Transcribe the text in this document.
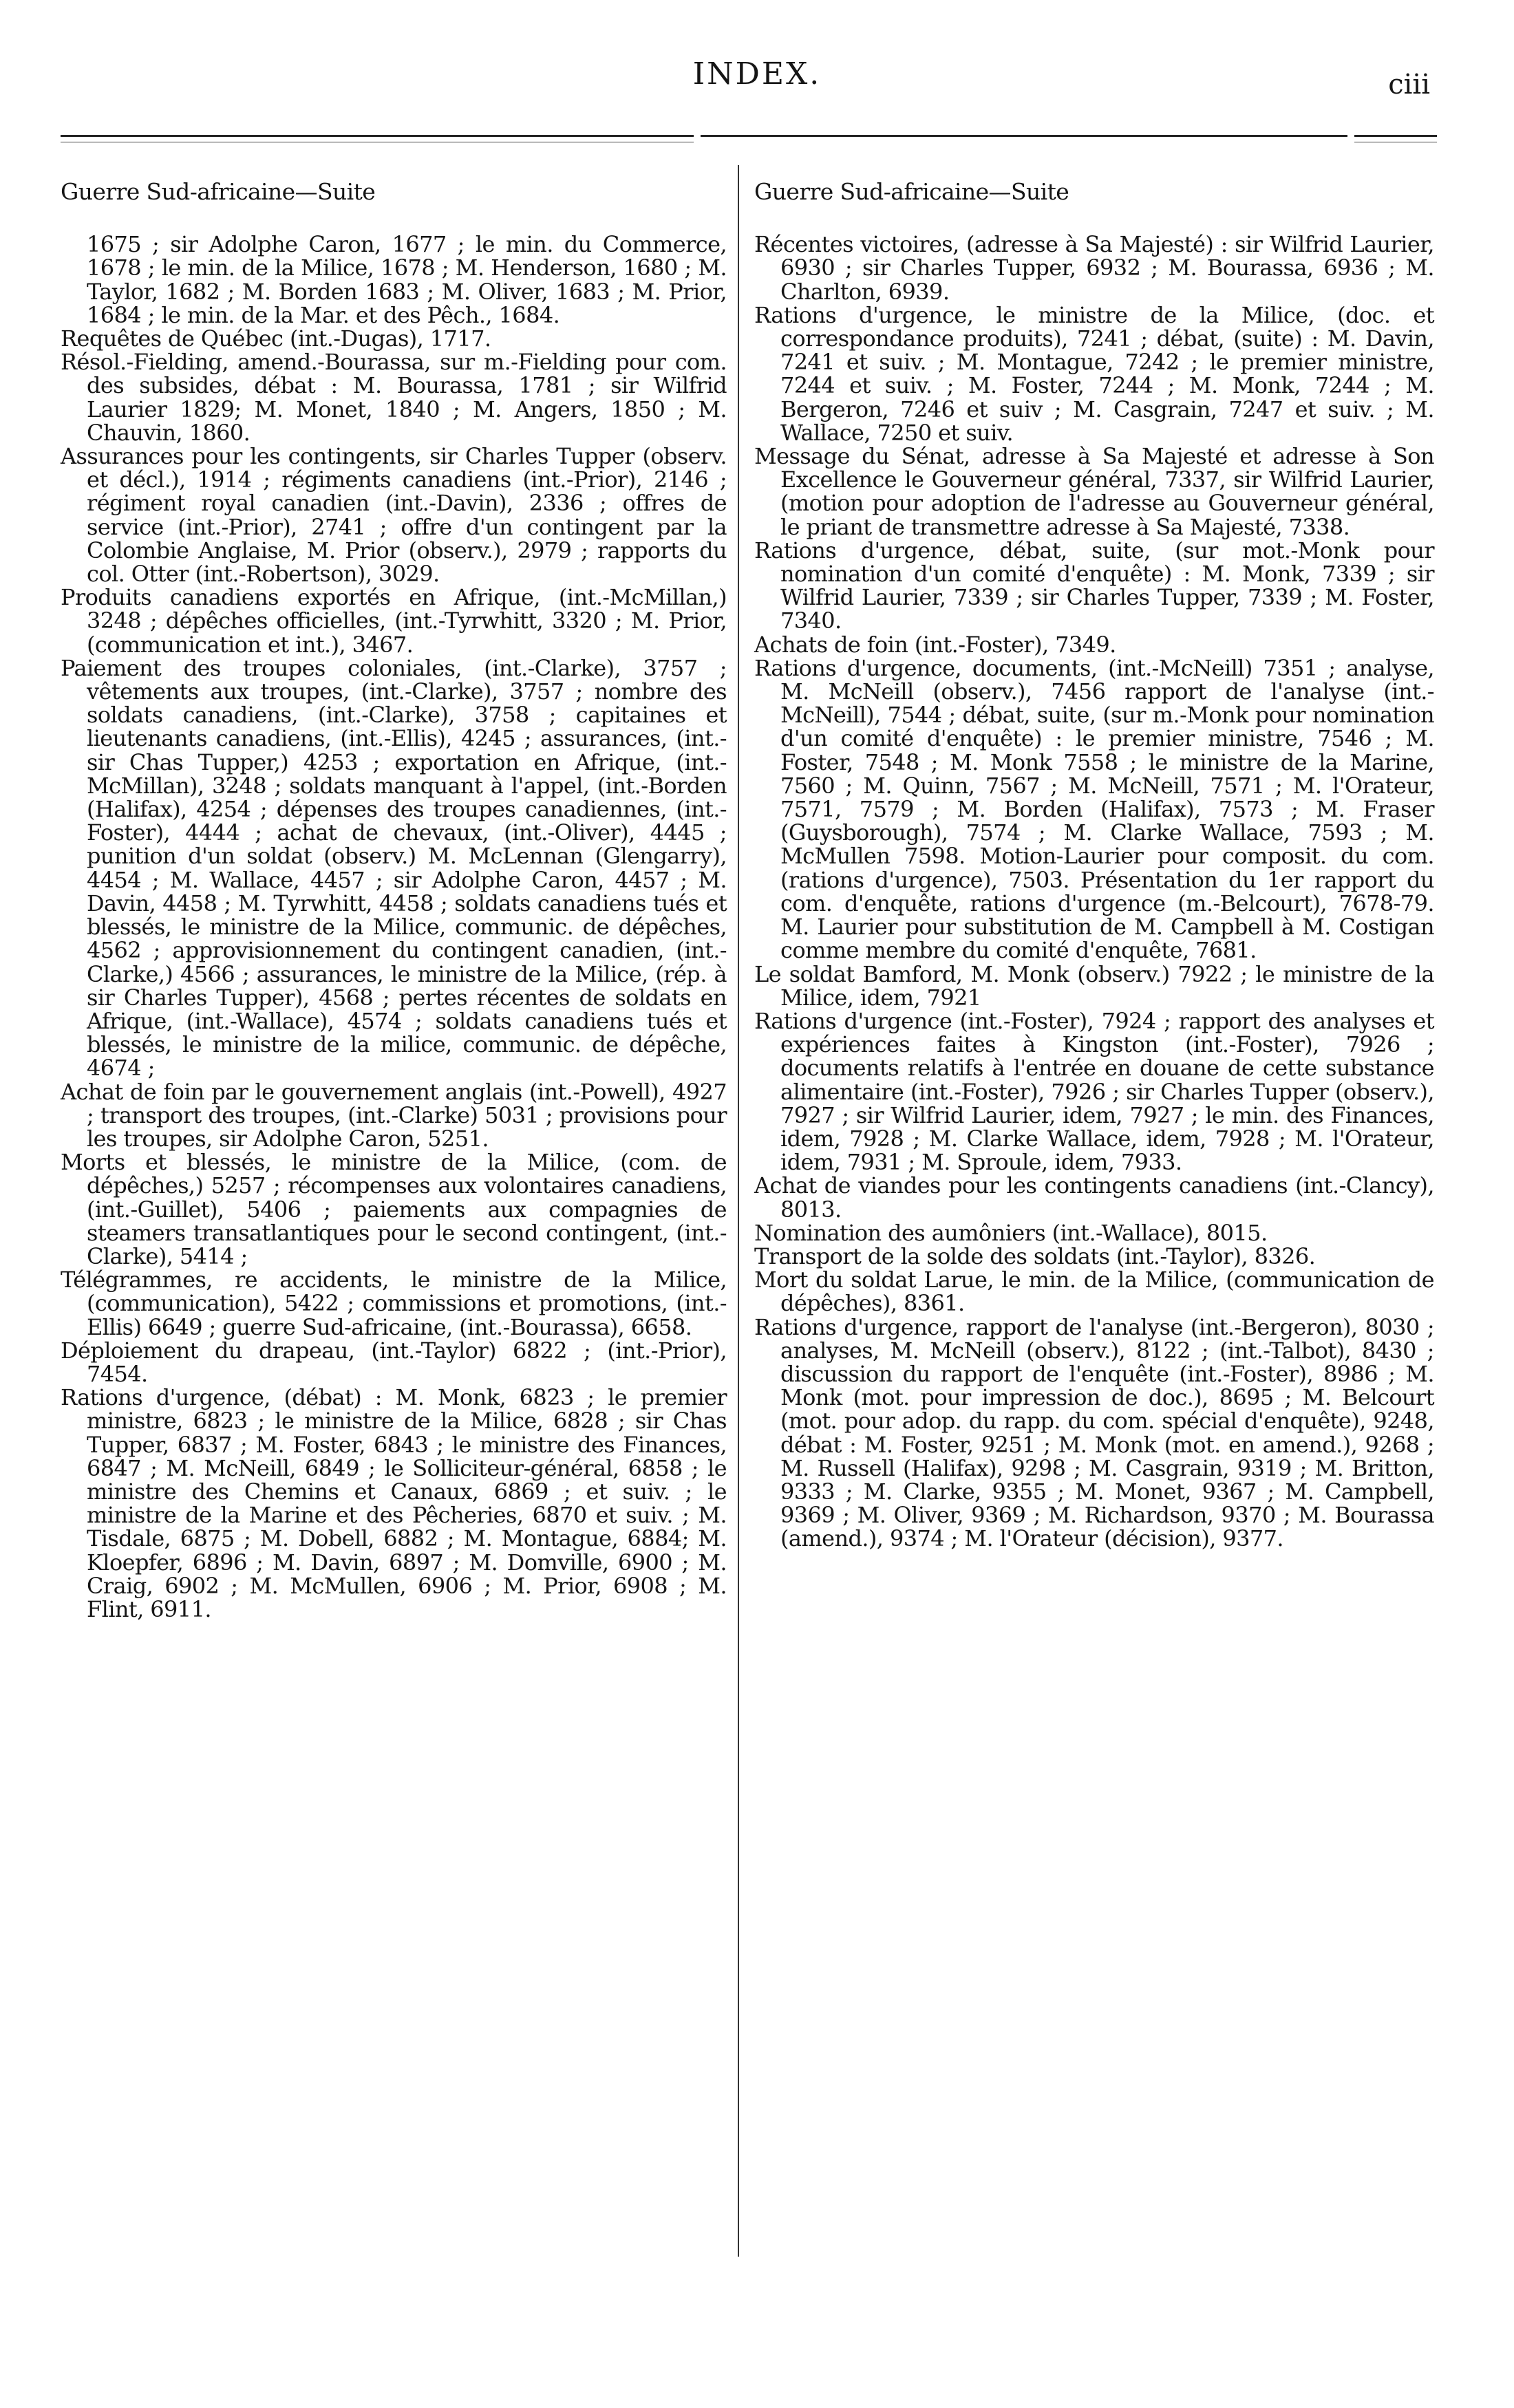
INDEX.	ciii
Guerre Sud-africaine—Suite
1675 ; sir Adolphe Caron, 1677 ; le min. du Commerce, 1678 ; le min. de la Milice, 1678 ; M. Henderson, 1680 ; M. Taylor, 1682 ; M. Borden 1683 ; M. Oliver, 1683 ; M. Prior, 1684 ; le min. de la Mar. et des Pêch., 1684.
Requêtes de Québec (int.-Dugas), 1717.
Résol.-Fielding, amend.-Bourassa, sur m.-Fielding pour com. des subsides, débat : M. Bourassa, 1781 ; sir Wilfrid Laurier 1829; M. Monet, 1840 ; M. Angers, 1850 ; M. Chauvin, 1860.
Assurances pour les contingents, sir Charles Tupper (observ. et décl.), 1914 ; régiments canadiens (int.-Prior), 2146 ; régiment royal canadien (int.-Davin), 2336 ; offres de service (int.-Prior), 2741 ; offre d'un contingent par la Colombie Anglaise, M. Prior (observ.), 2979 ; rapports du col. Otter (int.-Robertson), 3029.
Produits canadiens exportés en Afrique, (int.-McMillan,) 3248 ; dépêches officielles, (int.-Tyrwhitt, 3320 ; M. Prior, (communication et int.), 3467.
Paiement des troupes coloniales, (int.-Clarke), 3757 ; vêtements aux troupes, (int.-Clarke), 3757 ; nombre des soldats canadiens, (int.-Clarke), 3758 ; capitaines et lieutenants canadiens, (int.-Ellis), 4245 ; assurances, (int.-sir Chas Tupper,) 4253 ; exportation en Afrique, (int.-McMillan), 3248 ; soldats manquant à l'appel, (int.-Borden (Halifax), 4254 ; dépenses des troupes canadiennes, (int.-Foster), 4444 ; achat de chevaux, (int.-Oliver), 4445 ; punition d'un soldat (observ.) M. McLennan (Glengarry), 4454 ; M. Wallace, 4457 ; sir Adolphe Caron, 4457 ; M. Davin, 4458 ; M. Tyrwhitt, 4458 ; soldats canadiens tués et blessés, le ministre de la Milice, communic. de dépêches, 4562 ; approvisionnement du contingent canadien, (int.-Clarke,) 4566 ; assurances, le ministre de la Milice, (rép. à sir Charles Tupper), 4568 ; pertes récentes de soldats en Afrique, (int.-Wallace), 4574 ; soldats canadiens tués et blessés, le ministre de la milice, communic. de dépêche, 4674 ;
Achat de foin par le gouvernement anglais (int.-Powell), 4927 ; transport des troupes, (int.-Clarke) 5031 ; provisions pour les troupes, sir Adolphe Caron, 5251.
Morts et blessés, le ministre de la Milice, (com. de dépêches,) 5257 ; récompenses aux volontaires canadiens, (int.-Guillet), 5406 ; paiements aux compagnies de steamers transatlantiques pour le second contingent, (int.-Clarke), 5414 ;
Télégrammes, re accidents, le ministre de la Milice, (communication), 5422 ; commissions et promotions, (int.-Ellis) 6649 ; guerre Sud-africaine, (int.-Bourassa), 6658.
Déploiement du drapeau, (int.-Taylor) 6822 ; (int.-Prior), 7454.
Rations d'urgence, (débat) : M. Monk, 6823 ; le premier ministre, 6823 ; le ministre de la Milice, 6828 ; sir Chas Tupper, 6837 ; M. Foster, 6843 ; le ministre des Finances, 6847 ; M. McNeill, 6849 ; le Solliciteur-général, 6858 ; le ministre des Chemins et Canaux, 6869 ; et suiv. ; le ministre de la Marine et des Pêcheries, 6870 et suiv. ; M. Tisdale, 6875 ; M. Dobell, 6882 ; M. Montague, 6884; M. Kloepfer, 6896 ; M. Davin, 6897 ; M. Domville, 6900 ; M. Craig, 6902 ; M. McMullen, 6906 ; M. Prior, 6908 ; M. Flint, 6911.
Guerre Sud-africaine—Suite
Récentes victoires, (adresse à Sa Majesté) : sir Wilfrid Laurier, 6930 ; sir Charles Tupper, 6932 ; M. Bourassa, 6936 ; M. Charlton, 6939.
Rations d'urgence, le ministre de la Milice, (doc. et correspondance produits), 7241 ; débat, (suite) : M. Davin, 7241 et suiv. ; M. Montague, 7242 ; le premier ministre, 7244 et suiv. ; M. Foster, 7244 ; M. Monk, 7244 ; M. Bergeron, 7246 et suiv ; M. Casgrain, 7247 et suiv. ; M. Wallace, 7250 et suiv.
Message du Sénat, adresse à Sa Majesté et adresse à Son Excellence le Gouverneur général, 7337, sir Wilfrid Laurier, (motion pour adoption de l'adresse au Gouverneur général, le priant de transmettre adresse à Sa Majesté, 7338.
Rations d'urgence, débat, suite, (sur mot.-Monk pour nomination d'un comité d'enquête) : M. Monk, 7339 ; sir Wilfrid Laurier, 7339 ; sir Charles Tupper, 7339 ; M. Foster, 7340.
Achats de foin (int.-Foster), 7349.
Rations d'urgence, documents, (int.-McNeill) 7351 ; analyse, M. McNeill (observ.), 7456 rapport de l'analyse (int.-McNeill), 7544 ; débat, suite, (sur m.-Monk pour nomination d'un comité d'enquête) : le premier ministre, 7546 ; M. Foster, 7548 ; M. Monk 7558 ; le ministre de la Marine, 7560 ; M. Quinn, 7567 ; M. McNeill, 7571 ; M. l'Orateur, 7571, 7579 ; M. Borden (Halifax), 7573 ; M. Fraser (Guysborough), 7574 ; M. Clarke Wallace, 7593 ; M. McMullen 7598. Motion-Laurier pour composit. du com. (rations d'urgence), 7503. Présentation du 1er rapport du com. d'enquête, rations d'urgence (m.-Belcourt), 7678-79. M. Laurier pour substitution de M. Campbell à M. Costigan comme membre du comité d'enquête, 7681.
Le soldat Bamford, M. Monk (observ.) 7922 ; le ministre de la Milice, idem, 7921
Rations d'urgence (int.-Foster), 7924 ; rapport des analyses et expériences faites à Kingston (int.-Foster), 7926 ; documents relatifs à l'entrée en douane de cette substance alimentaire (int.-Foster), 7926 ; sir Charles Tupper (observ.), 7927 ; sir Wilfrid Laurier, idem, 7927 ; le min. des Finances, idem, 7928 ; M. Clarke Wallace, idem, 7928 ; M. l'Orateur, idem, 7931 ; M. Sproule, idem, 7933.
Achat de viandes pour les contingents canadiens (int.-Clancy), 8013.
Nomination des aumôniers (int.-Wallace), 8015.
Transport de la solde des soldats (int.-Taylor), 8326.
Mort du soldat Larue, le min. de la Milice, (communication de dépêches), 8361.
Rations d'urgence, rapport de l'analyse (int.-Bergeron), 8030 ; analyses, M. McNeill (observ.), 8122 ; (int.-Talbot), 8430 ; discussion du rapport de l'enquête (int.-Foster), 8986 ; M. Monk (mot. pour impression de doc.), 8695 ; M. Belcourt (mot. pour adop. du rapp. du com. spécial d'enquête), 9248, débat : M. Foster, 9251 ; M. Monk (mot. en amend.), 9268 ; M. Russell (Halifax), 9298 ; M. Casgrain, 9319 ; M. Britton, 9333 ; M. Clarke, 9355 ; M. Monet, 9367 ; M. Campbell, 9369 ; M. Oliver, 9369 ; M. Richardson, 9370 ; M. Bourassa (amend.), 9374 ; M. l'Orateur (décision), 9377.
